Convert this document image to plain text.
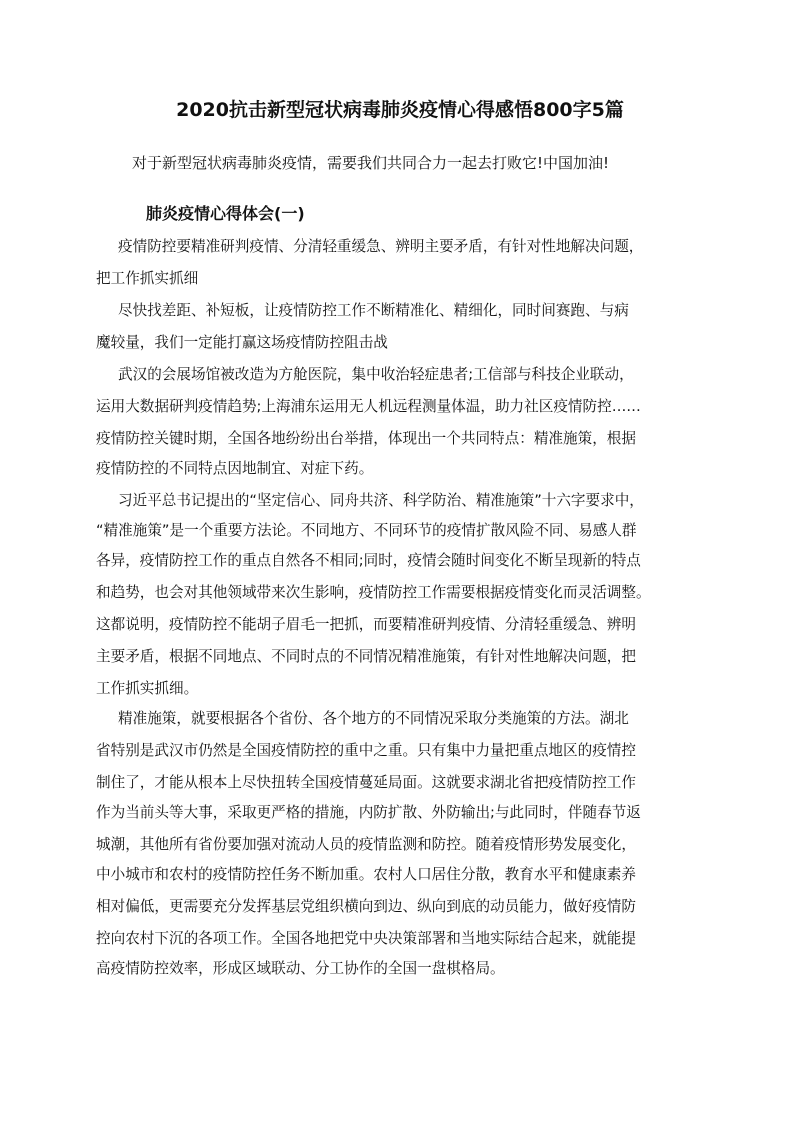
2020抗击新型冠状病毒肺炎疫情心得感悟800字5篇
对于新型冠状病毒肺炎疫情，需要我们共同合力一起去打败它!中国加油!
肺炎疫情心得体会(一)
疫情防控要精准研判疫情、分清轻重缓急、辨明主要矛盾，有针对性地解决问题，
把工作抓实抓细
尽快找差距、补短板，让疫情防控工作不断精准化、精细化，同时间赛跑、与病
魔较量，我们一定能打赢这场疫情防控阻击战
武汉的会展场馆被改造为方舱医院，集中收治轻症患者;工信部与科技企业联动，
运用大数据研判疫情趋势;上海浦东运用无人机远程测量体温，助力社区疫情防控……
疫情防控关键时期，全国各地纷纷出台举措，体现出一个共同特点：精准施策，根据
疫情防控的不同特点因地制宜、对症下药。
习近平总书记提出的“坚定信心、同舟共济、科学防治、精准施策”十六字要求中，
“精准施策”是一个重要方法论。不同地方、不同环节的疫情扩散风险不同、易感人群
各异，疫情防控工作的重点自然各不相同;同时，疫情会随时间变化不断呈现新的特点
和趋势，也会对其他领域带来次生影响，疫情防控工作需要根据疫情变化而灵活调整。
这都说明，疫情防控不能胡子眉毛一把抓，而要精准研判疫情、分清轻重缓急、辨明
主要矛盾，根据不同地点、不同时点的不同情况精准施策，有针对性地解决问题，把
工作抓实抓细。
精准施策，就要根据各个省份、各个地方的不同情况采取分类施策的方法。湖北
省特别是武汉市仍然是全国疫情防控的重中之重。只有集中力量把重点地区的疫情控
制住了，才能从根本上尽快扭转全国疫情蔓延局面。这就要求湖北省把疫情防控工作
作为当前头等大事，采取更严格的措施，内防扩散、外防输出;与此同时，伴随春节返
城潮，其他所有省份要加强对流动人员的疫情监测和防控。随着疫情形势发展变化，
中小城市和农村的疫情防控任务不断加重。农村人口居住分散，教育水平和健康素养
相对偏低，更需要充分发挥基层党组织横向到边、纵向到底的动员能力，做好疫情防
控向农村下沉的各项工作。全国各地把党中央决策部署和当地实际结合起来，就能提
高疫情防控效率，形成区域联动、分工协作的全国一盘棋格局。
